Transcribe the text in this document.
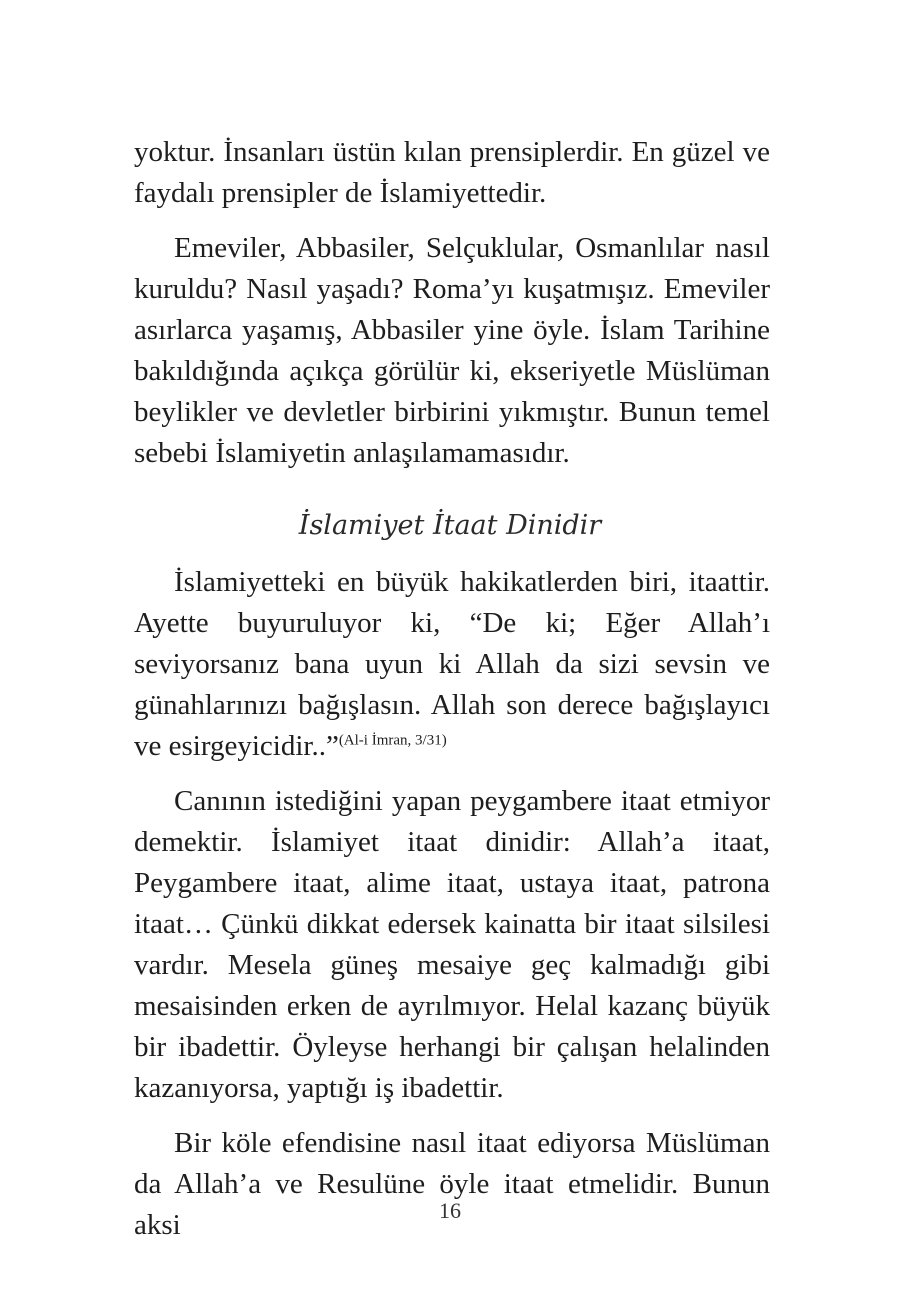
yoktur. İnsanları üstün kılan prensiplerdir. En güzel ve faydalı prensipler de İslamiyettedir.

Emeviler, Abbasiler, Selçuklular, Osmanlılar nasıl kuruldu? Nasıl yaşadı? Roma’yı kuşatmışız. Emeviler asırlarca yaşamış, Abbasiler yine öyle. İslam Tarihine bakıldığında açıkça görülür ki, ekseriyetle Müslüman beylikler ve devletler birbirini yıkmıştır. Bunun temel sebebi İslamiyetin anlaşılamamasıdır.

İslamiyet İtaat Dinidir

İslamiyetteki en büyük hakikatlerden biri, itaattir. Ayette buyuruluyor ki, “De ki; Eğer Allah’ı seviyorsanız bana uyun ki Allah da sizi sevsin ve günahlarınızı bağışlasın. Allah son derece bağışlayıcı ve esirgeyicidir..”$^{(Al-i İmran, 3/31)}$

Canının istediğini yapan peygambere itaat etmiyor demektir. İslamiyet itaat dinidir: Allah’a itaat, Peygambere itaat, alime itaat, ustaya itaat, patrona itaat… Çünkü dikkat edersek kainatta bir itaat silsilesi vardır. Mesela güneş mesaiye geç kalmadığı gibi mesaisinden erken de ayrılmıyor. Helal kazanç büyük bir ibadettir. Öyleyse herhangi bir çalışan helalinden kazanıyorsa, yaptığı iş ibadettir.

Bir köle efendisine nasıl itaat ediyorsa Müslüman da Allah’a ve Resulüne öyle itaat etmelidir. Bunun aksi	16
